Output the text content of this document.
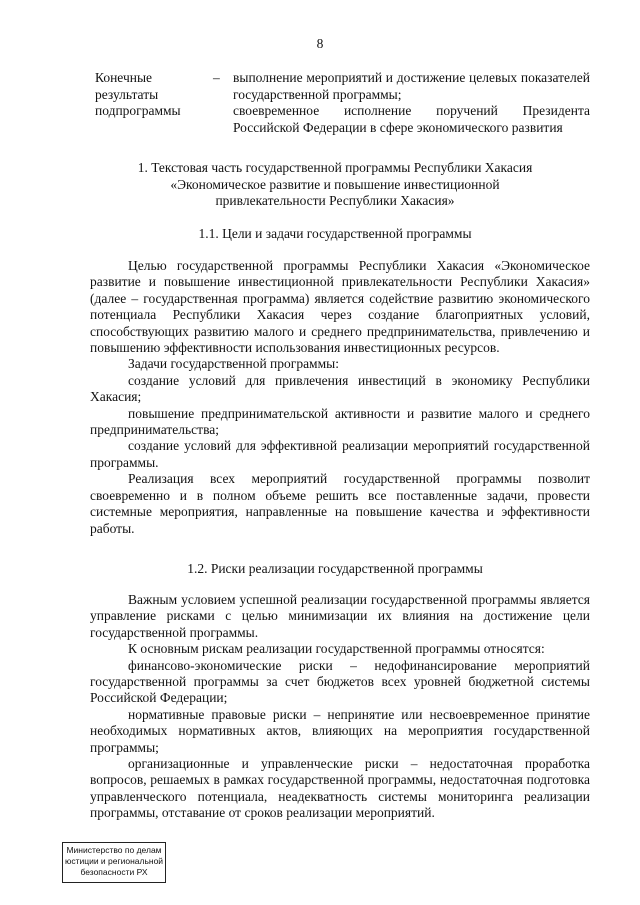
8
Конечные
результаты
подпрограммы
– выполнение мероприятий и достижение целевых показателей государственной программы;

своевременное исполнение поручений Президента Российской Федерации в сфере экономического развития

1. Текстовая часть государственной программы Республики Хакасия
«Экономическое развитие и повышение инвестиционной
привлекательности Республики Хакасия»
1.1. Цели и задачи государственной программы

Целью государственной программы Республики Хакасия «Экономическое развитие и повышение инвестиционной привлекательности Республики Хакасия» (далее – государственная программа) является содействие развитию экономического потенциала Республики Хакасия через создание благоприятных условий, способствующих развитию малого и среднего предпринимательства, привлечению и повышению эффективности использования инвестиционных ресурсов.

Задачи государственной программы:

создание условий для привлечения инвестиций в экономику Республики Хакасия;

повышение предпринимательской активности и развитие малого и среднего предпринимательства;

создание условий для эффективной реализации мероприятий государственной программы.

Реализация всех мероприятий государственной программы позволит своевременно и в полном объеме решить все поставленные задачи, провести системные мероприятия, направленные на повышение качества и эффективности работы.

1.2. Риски реализации государственной программы

Важным условием успешной реализации государственной программы является управление рисками с целью минимизации их влияния на достижение цели государственной программы.

К основным рискам реализации государственной программы относятся:

финансово-экономические риски – недофинансирование мероприятий государственной программы за счет бюджетов всех уровней бюджетной системы Российской Федерации;

нормативные правовые риски – непринятие или несвоевременное принятие необходимых нормативных актов, влияющих на мероприятия государственной программы;

организационные и управленческие риски – недостаточная проработка вопросов, решаемых в рамках государственной программы, недостаточная подготовка управленческого потенциала, неадекватность системы мониторинга реализации программы, отставание от сроков реализации мероприятий.

Министерство по делам
юстиции и региональной
безопасности РХ
